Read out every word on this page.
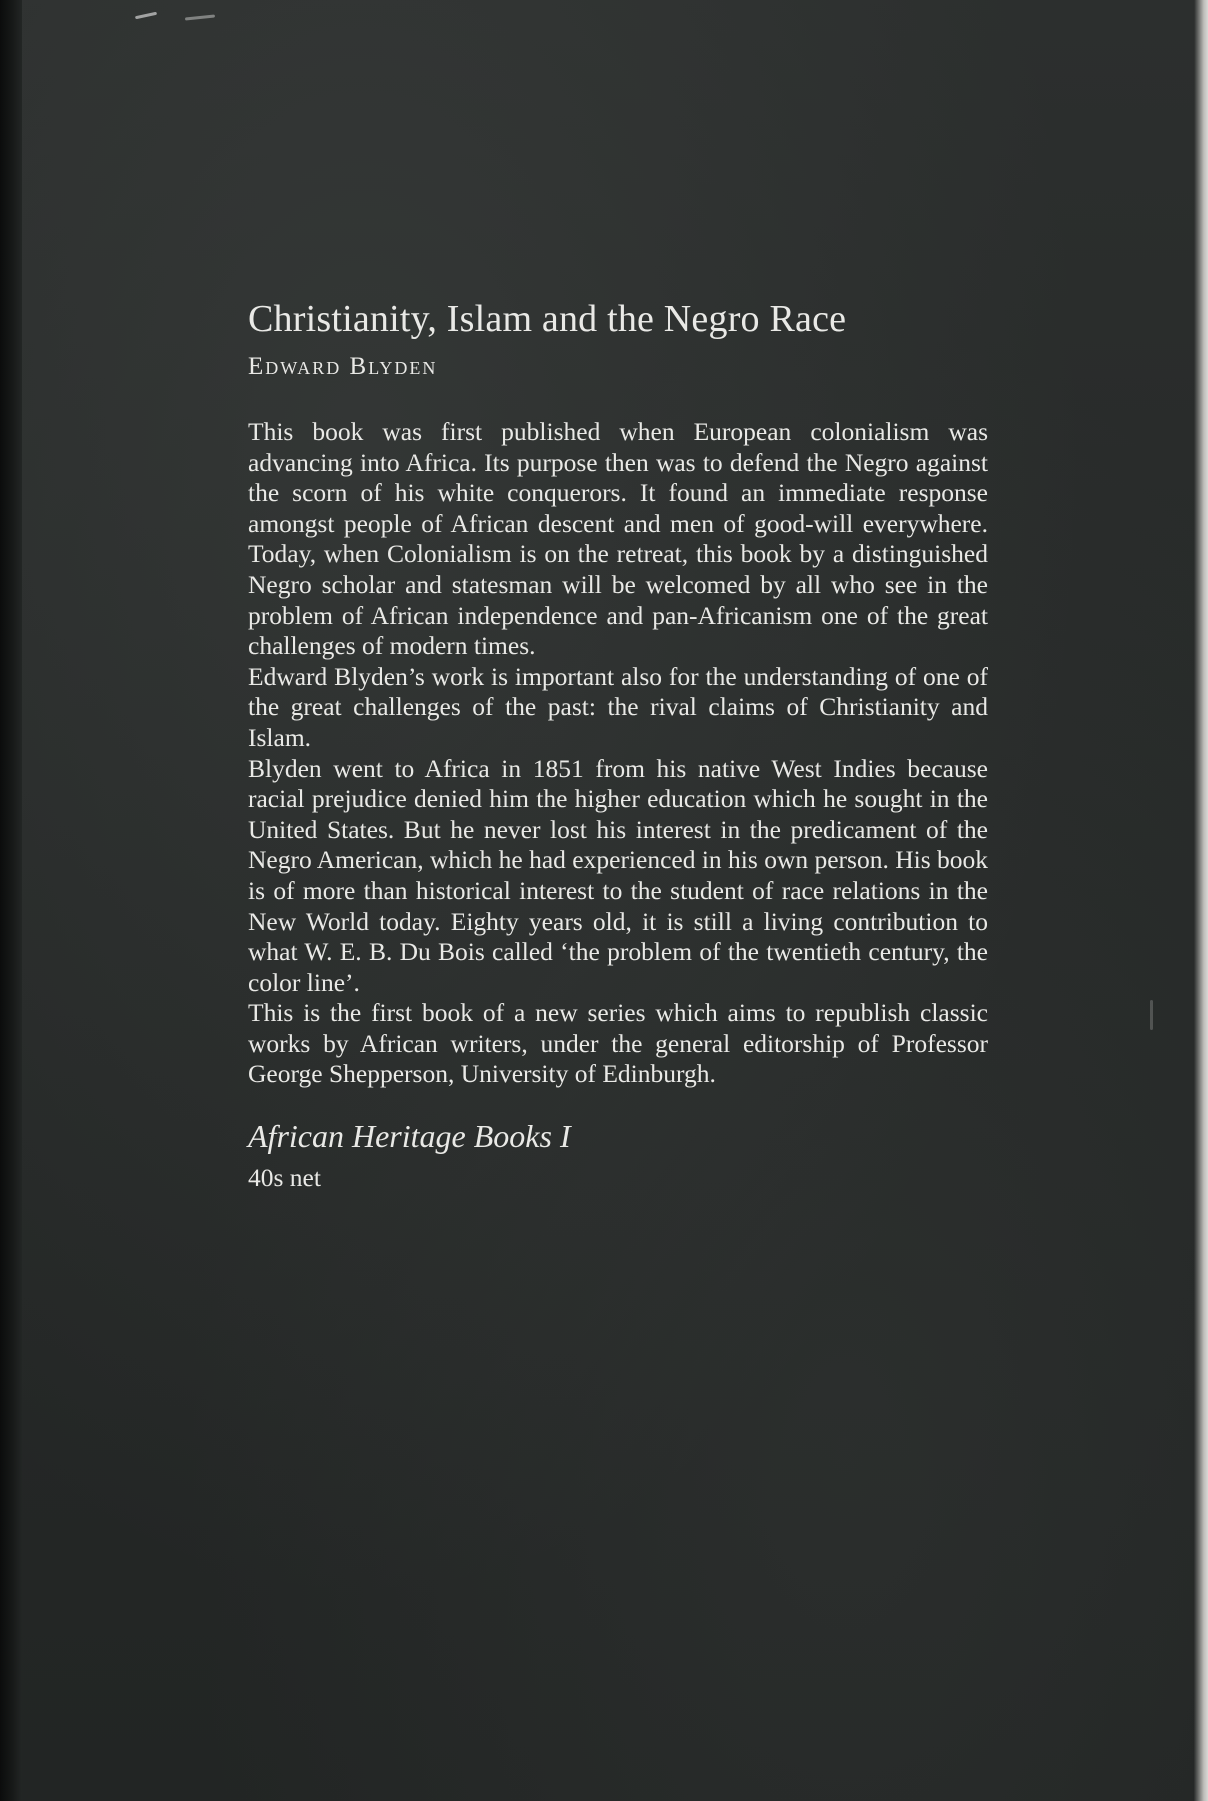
Christianity, Islam and the Negro Race
Edward Blyden

This book was first published when European colonialism was advancing into Africa. Its purpose then was to defend the Negro against the scorn of his white conquerors. It found an immediate response amongst people of African descent and men of good-will everywhere. Today, when Colonialism is on the retreat, this book by a distinguished Negro scholar and statesman will be welcomed by all who see in the problem of African independence and pan-Africanism one of the great challenges of modern times.

Edward Blyden’s work is important also for the understanding of one of the great challenges of the past: the rival claims of Christianity and Islam.

Blyden went to Africa in 1851 from his native West Indies because racial prejudice denied him the higher education which he sought in the United States. But he never lost his interest in the predicament of the Negro American, which he had experienced in his own person. His book is of more than historical interest to the student of race relations in the New World today. Eighty years old, it is still a living contribution to what W. E. B. Du Bois called ‘the problem of the twentieth century, the color line’.

This is the first book of a new series which aims to republish classic works by African writers, under the general editorship of Professor George Shepperson, University of Edinburgh.

African Heritage Books I
40s net
